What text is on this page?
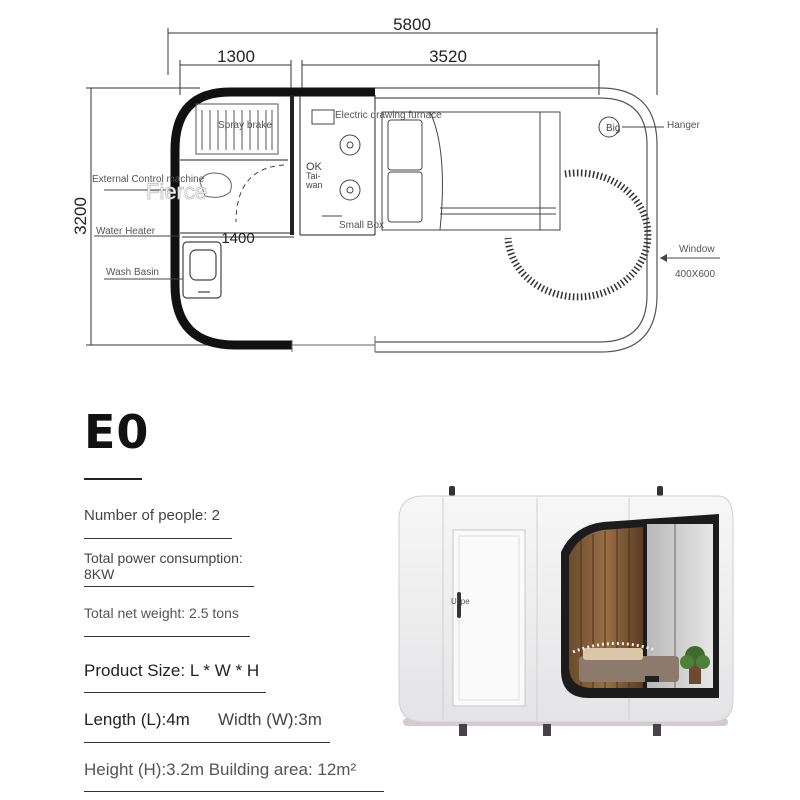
5800
1300	3520
3200
1400
Spray brake
External Control machine
Fierce
Water Heater
Wash Basin
Electric drawing furnace
OK
Tai-
wan
Small Box
Big	Hanger
Window
400X600
E0
Number of people: 2
Total power consumption:
8KW
Total net weight: 2.5 tons
Product Size: L * W * H
Length (L):4m Width (W):3m
Height (H):3.2m Building area: 12m²
Ul pe
